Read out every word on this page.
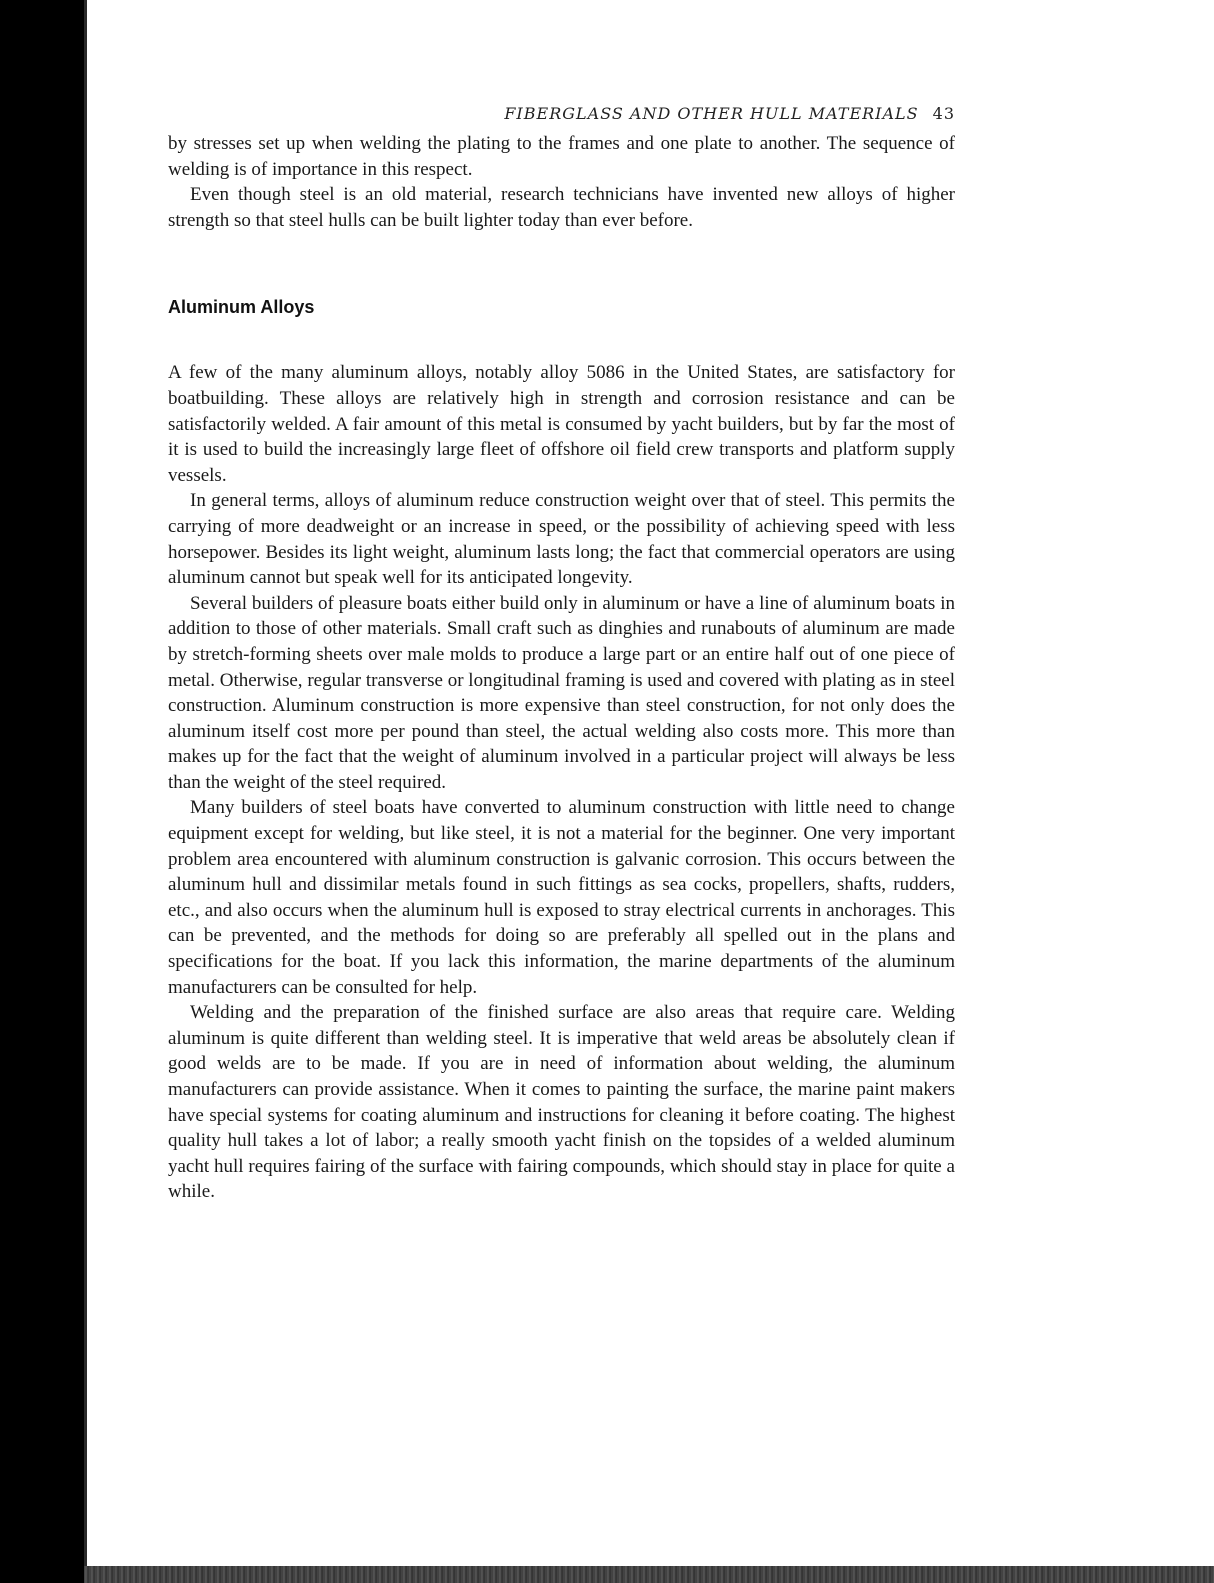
FIBERGLASS AND OTHER HULL MATERIALS 43

by stresses set up when welding the plating to the frames and one plate to another. The sequence of welding is of importance in this respect.

Even though steel is an old material, research technicians have invented new alloys of higher strength so that steel hulls can be built lighter today than ever before.

Aluminum Alloys

A few of the many aluminum alloys, notably alloy 5086 in the United States, are satisfactory for boatbuilding. These alloys are relatively high in strength and corrosion resistance and can be satisfactorily welded. A fair amount of this metal is consumed by yacht builders, but by far the most of it is used to build the increasingly large fleet of offshore oil field crew transports and platform supply vessels.

In general terms, alloys of aluminum reduce construction weight over that of steel. This permits the carrying of more deadweight or an increase in speed, or the possibility of achieving speed with less horsepower. Besides its light weight, aluminum lasts long; the fact that commercial operators are using aluminum cannot but speak well for its anticipated longevity.

Several builders of pleasure boats either build only in aluminum or have a line of aluminum boats in addition to those of other materials. Small craft such as dinghies and runabouts of aluminum are made by stretch-forming sheets over male molds to produce a large part or an entire half out of one piece of metal. Otherwise, regular transverse or longitudinal framing is used and covered with plating as in steel construction. Aluminum construction is more expensive than steel construction, for not only does the aluminum itself cost more per pound than steel, the actual welding also costs more. This more than makes up for the fact that the weight of aluminum involved in a particular project will always be less than the weight of the steel required.

Many builders of steel boats have converted to aluminum construction with little need to change equipment except for welding, but like steel, it is not a material for the beginner. One very important problem area encountered with aluminum construction is galvanic corrosion. This occurs between the aluminum hull and dissimilar metals found in such fittings as sea cocks, propellers, shafts, rudders, etc., and also occurs when the aluminum hull is exposed to stray electrical currents in anchorages. This can be prevented, and the methods for doing so are preferably all spelled out in the plans and specifications for the boat. If you lack this information, the marine departments of the aluminum manufacturers can be consulted for help.

Welding and the preparation of the finished surface are also areas that require care. Welding aluminum is quite different than welding steel. It is imperative that weld areas be absolutely clean if good welds are to be made. If you are in need of information about welding, the aluminum manufacturers can provide assistance. When it comes to painting the surface, the marine paint makers have special systems for coating aluminum and instructions for cleaning it before coating. The highest quality hull takes a lot of labor; a really smooth yacht finish on the topsides of a welded aluminum yacht hull requires fairing of the surface with fairing compounds, which should stay in place for quite a while.
